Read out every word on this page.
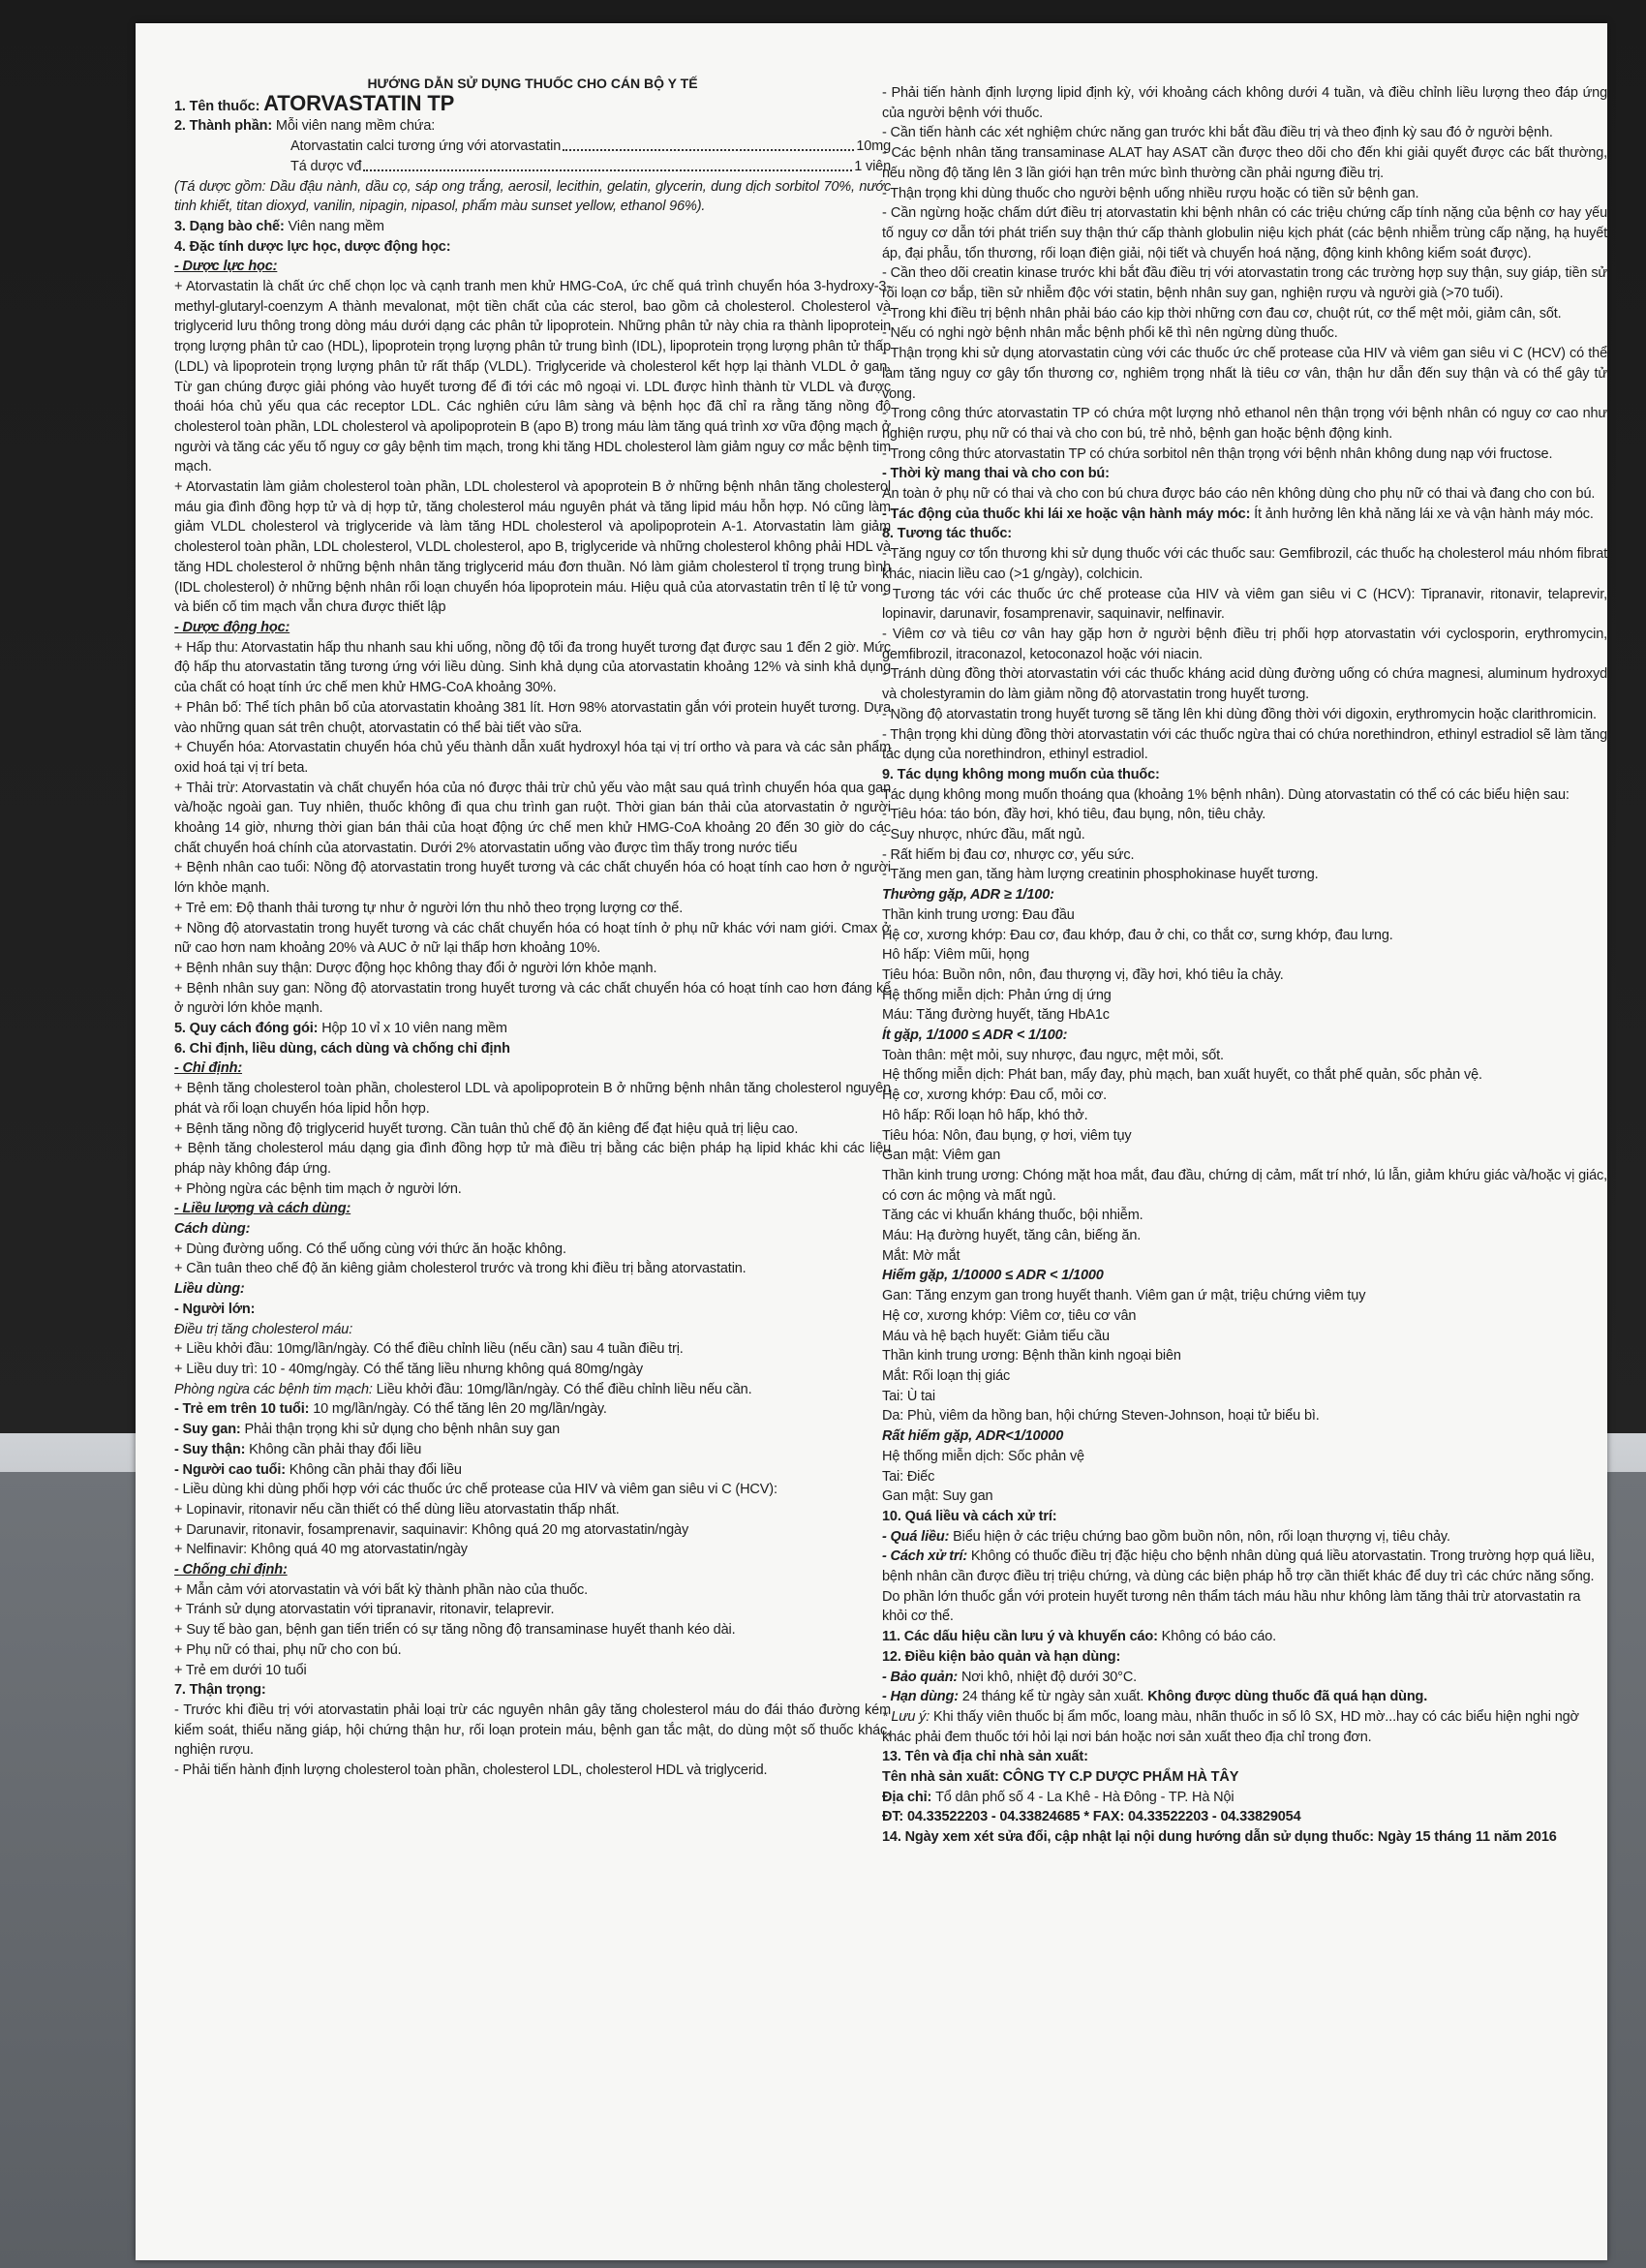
HƯỚNG DẪN SỬ DỤNG THUỐC CHO CÁN BỘ Y TẾ

1. Tên thuốc: ATORVASTATIN TP

2. Thành phần: Mỗi viên nang mềm chứa:

Atorvastatin calci tương ứng với atorvastatin	10mg

Tá dược vđ	1 viên

(Tá dược gồm: Dầu đậu nành, dầu cọ, sáp ong trắng, aerosil, lecithin, gelatin, glycerin, dung dịch sorbitol 70%, nước tinh khiết, titan dioxyd, vanilin, nipagin, nipasol, phẩm màu sunset yellow, ethanol 96%).

3. Dạng bào chế: Viên nang mềm

4. Đặc tính dược lực học, dược động học:

- Dược lực học:

+ Atorvastatin là chất ức chế chọn lọc và cạnh tranh men khử HMG-CoA, ức chế quá trình chuyển hóa 3-hydroxy-3-methyl-glutaryl-coenzym A thành mevalonat, một tiền chất của các sterol, bao gồm cả cholesterol. Cholesterol và triglycerid lưu thông trong dòng máu dưới dạng các phân tử lipoprotein. Những phân tử này chia ra thành lipoprotein trọng lượng phân tử cao (HDL), lipoprotein trọng lượng phân tử trung bình (IDL), lipoprotein trọng lượng phân tử thấp (LDL) và lipoprotein trọng lượng phân tử rất thấp (VLDL). Triglyceride và cholesterol kết hợp lại thành VLDL ở gan. Từ gan chúng được giải phóng vào huyết tương để đi tới các mô ngoại vi. LDL được hình thành từ VLDL và được thoái hóa chủ yếu qua các receptor LDL. Các nghiên cứu lâm sàng và bệnh học đã chỉ ra rằng tăng nồng độ cholesterol toàn phần, LDL cholesterol và apolipoprotein B (apo B) trong máu làm tăng quá trình xơ vữa động mạch ở người và tăng các yếu tố nguy cơ gây bệnh tim mạch, trong khi tăng HDL cholesterol làm giảm nguy cơ mắc bệnh tim mạch.

+ Atorvastatin làm giảm cholesterol toàn phần, LDL cholesterol và apoprotein B ở những bệnh nhân tăng cholesterol máu gia đình đồng hợp tử và dị hợp tử, tăng cholesterol máu nguyên phát và tăng lipid máu hỗn hợp. Nó cũng làm giảm VLDL cholesterol và triglyceride và làm tăng HDL cholesterol và apolipoprotein A-1. Atorvastatin làm giảm cholesterol toàn phần, LDL cholesterol, VLDL cholesterol, apo B, triglyceride và những cholesterol không phải HDL và tăng HDL cholesterol ở những bệnh nhân tăng triglycerid máu đơn thuần. Nó làm giảm cholesterol tỉ trọng trung bình (IDL cholesterol) ở những bệnh nhân rối loạn chuyển hóa lipoprotein máu. Hiệu quả của atorvastatin trên tỉ lệ tử vong và biến cố tim mạch vẫn chưa được thiết lập

- Dược động học:

+ Hấp thu: Atorvastatin hấp thu nhanh sau khi uống, nồng độ tối đa trong huyết tương đạt được sau 1 đến 2 giờ. Mức độ hấp thu atorvastatin tăng tương ứng với liều dùng. Sinh khả dụng của atorvastatin khoảng 12% và sinh khả dụng của chất có hoạt tính ức chế men khử HMG-CoA khoảng 30%.

+ Phân bố: Thể tích phân bố của atorvastatin khoảng 381 lít. Hơn 98% atorvastatin gắn với protein huyết tương. Dựa vào những quan sát trên chuột, atorvastatin có thể bài tiết vào sữa.

+ Chuyển hóa: Atorvastatin chuyển hóa chủ yếu thành dẫn xuất hydroxyl hóa tại vị trí ortho và para và các sản phẩm oxid hoá tại vị trí beta.

+ Thải trừ: Atorvastatin và chất chuyển hóa của nó được thải trừ chủ yếu vào mật sau quá trình chuyển hóa qua gan và/hoặc ngoài gan. Tuy nhiên, thuốc không đi qua chu trình gan ruột. Thời gian bán thải của atorvastatin ở người khoảng 14 giờ, nhưng thời gian bán thải của hoạt động ức chế men khử HMG-CoA khoảng 20 đến 30 giờ do các chất chuyển hoá chính của atorvastatin. Dưới 2% atorvastatin uống vào được tìm thấy trong nước tiểu

+ Bệnh nhân cao tuổi: Nồng độ atorvastatin trong huyết tương và các chất chuyển hóa có hoạt tính cao hơn ở người lớn khỏe mạnh.

+ Trẻ em: Độ thanh thải tương tự như ở người lớn thu nhỏ theo trọng lượng cơ thể.

+ Nồng độ atorvastatin trong huyết tương và các chất chuyển hóa có hoạt tính ở phụ nữ khác với nam giới. Cmax ở nữ cao hơn nam khoảng 20% và AUC ở nữ lại thấp hơn khoảng 10%.

+ Bệnh nhân suy thận: Dược động học không thay đổi ở người lớn khỏe mạnh.

+ Bệnh nhân suy gan: Nồng độ atorvastatin trong huyết tương và các chất chuyển hóa có hoạt tính cao hơn đáng kể ở người lớn khỏe mạnh.

5. Quy cách đóng gói: Hộp 10 vỉ x 10 viên nang mềm

6. Chỉ định, liều dùng, cách dùng và chống chỉ định

- Chỉ định:

+ Bệnh tăng cholesterol toàn phần, cholesterol LDL và apolipoprotein B ở những bệnh nhân tăng cholesterol nguyên phát và rối loạn chuyển hóa lipid hỗn hợp.

+ Bệnh tăng nồng độ triglycerid huyết tương. Cần tuân thủ chế độ ăn kiêng để đạt hiệu quả trị liệu cao.

+ Bệnh tăng cholesterol máu dạng gia đình đồng hợp tử mà điều trị bằng các biện pháp hạ lipid khác khi các liệu pháp này không đáp ứng.

+ Phòng ngừa các bệnh tim mạch ở người lớn.

- Liều lượng và cách dùng:

Cách dùng:

+ Dùng đường uống. Có thể uống cùng với thức ăn hoặc không.

+ Cần tuân theo chế độ ăn kiêng giảm cholesterol trước và trong khi điều trị bằng atorvastatin.

Liều dùng:

- Người lớn:

Điều trị tăng cholesterol máu:

+ Liều khởi đầu: 10mg/lần/ngày. Có thể điều chỉnh liều (nếu cần) sau 4 tuần điều trị.

+ Liều duy trì: 10 - 40mg/ngày. Có thể tăng liều nhưng không quá 80mg/ngày

Phòng ngừa các bệnh tim mạch: Liều khởi đầu: 10mg/lần/ngày. Có thể điều chỉnh liều nếu cần.

- Trẻ em trên 10 tuổi: 10 mg/lần/ngày. Có thể tăng lên 20 mg/lần/ngày.

- Suy gan: Phải thận trọng khi sử dụng cho bệnh nhân suy gan

- Suy thận: Không cần phải thay đổi liều

- Người cao tuổi: Không cần phải thay đổi liều

- Liều dùng khi dùng phối hợp với các thuốc ức chế protease của HIV và viêm gan siêu vi C (HCV):

+ Lopinavir, ritonavir nếu cần thiết có thể dùng liều atorvastatin thấp nhất.

+ Darunavir, ritonavir, fosamprenavir, saquinavir: Không quá 20 mg atorvastatin/ngày

+ Nelfinavir: Không quá 40 mg atorvastatin/ngày

- Chống chỉ định:

+ Mẫn cảm với atorvastatin và với bất kỳ thành phần nào của thuốc.

+ Tránh sử dụng atorvastatin với tipranavir, ritonavir, telaprevir.

+ Suy tế bào gan, bệnh gan tiến triển có sự tăng nồng độ transaminase huyết thanh kéo dài.

+ Phụ nữ có thai, phụ nữ cho con bú.

+ Trẻ em dưới 10 tuổi

7. Thận trọng:

- Trước khi điều trị với atorvastatin phải loại trừ các nguyên nhân gây tăng cholesterol máu do đái tháo đường kém kiểm soát, thiểu năng giáp, hội chứng thận hư, rối loạn protein máu, bệnh gan tắc mật, do dùng một số thuốc khác, nghiện rượu.

- Phải tiến hành định lượng cholesterol toàn phần, cholesterol LDL, cholesterol HDL và triglycerid.

- Phải tiến hành định lượng lipid định kỳ, với khoảng cách không dưới 4 tuần, và điều chỉnh liều lượng theo đáp ứng của người bệnh với thuốc.

- Cần tiến hành các xét nghiệm chức năng gan trước khi bắt đầu điều trị và theo định kỳ sau đó ở người bệnh.

- Các bệnh nhân tăng transaminase ALAT hay ASAT cần được theo dõi cho đến khi giải quyết được các bất thường, nếu nồng độ tăng lên 3 lần giới hạn trên mức bình thường cần phải ngưng điều trị.

- Thận trọng khi dùng thuốc cho người bệnh uống nhiều rượu hoặc có tiền sử bệnh gan.

- Cần ngừng hoặc chấm dứt điều trị atorvastatin khi bệnh nhân có các triệu chứng cấp tính nặng của bệnh cơ hay yếu tố nguy cơ dẫn tới phát triển suy thận thứ cấp thành globulin niệu kịch phát (các bệnh nhiễm trùng cấp nặng, hạ huyết áp, đại phẫu, tổn thương, rối loạn điện giải, nội tiết và chuyển hoá nặng, động kinh không kiểm soát được).

- Cần theo dõi creatin kinase trước khi bắt đầu điều trị với atorvastatin trong các trường hợp suy thận, suy giáp, tiền sử rối loạn cơ bắp, tiền sử nhiễm độc với statin, bệnh nhân suy gan, nghiện rượu và người già (>70 tuổi).

- Trong khi điều trị bệnh nhân phải báo cáo kịp thời những cơn đau cơ, chuột rút, cơ thể mệt mỏi, giảm cân, sốt.

- Nếu có nghi ngờ bệnh nhân mắc bệnh phổi kẽ thì nên ngừng dùng thuốc.

- Thận trọng khi sử dụng atorvastatin cùng với các thuốc ức chế protease của HIV và viêm gan siêu vi C (HCV) có thể làm tăng nguy cơ gây tổn thương cơ, nghiêm trọng nhất là tiêu cơ vân, thận hư dẫn đến suy thận và có thể gây tử vong.

- Trong công thức atorvastatin TP có chứa một lượng nhỏ ethanol nên thận trọng với bệnh nhân có nguy cơ cao như nghiện rượu, phụ nữ có thai và cho con bú, trẻ nhỏ, bệnh gan hoặc bệnh động kinh.

- Trong công thức atorvastatin TP có chứa sorbitol nên thận trọng với bệnh nhân không dung nạp với fructose.

- Thời kỳ mang thai và cho con bú:

An toàn ở phụ nữ có thai và cho con bú chưa được báo cáo nên không dùng cho phụ nữ có thai và đang cho con bú.

- Tác động của thuốc khi lái xe hoặc vận hành máy móc: Ít ảnh hưởng lên khả năng lái xe và vận hành máy móc.

8. Tương tác thuốc:

- Tăng nguy cơ tổn thương khi sử dụng thuốc với các thuốc sau: Gemfibrozil, các thuốc hạ cholesterol máu nhóm fibrat khác, niacin liều cao (>1 g/ngày), colchicin.

- Tương tác với các thuốc ức chế protease của HIV và viêm gan siêu vi C (HCV): Tipranavir, ritonavir, telaprevir, lopinavir, darunavir, fosamprenavir, saquinavir, nelfinavir.

- Viêm cơ và tiêu cơ vân hay gặp hơn ở người bệnh điều trị phối hợp atorvastatin với cyclosporin, erythromycin, gemfibrozil, itraconazol, ketoconazol hoặc với niacin.

- Tránh dùng đồng thời atorvastatin với các thuốc kháng acid dùng đường uống có chứa magnesi, aluminum hydroxyd và cholestyramin do làm giảm nồng độ atorvastatin trong huyết tương.

- Nồng độ atorvastatin trong huyết tương sẽ tăng lên khi dùng đồng thời với digoxin, erythromycin hoặc clarithromicin.

- Thận trọng khi dùng đồng thời atorvastatin với các thuốc ngừa thai có chứa norethindron, ethinyl estradiol sẽ làm tăng tác dụng của norethindron, ethinyl estradiol.

9. Tác dụng không mong muốn của thuốc:

Tác dụng không mong muốn thoáng qua (khoảng 1% bệnh nhân). Dùng atorvastatin có thể có các biểu hiện sau:

- Tiêu hóa: táo bón, đầy hơi, khó tiêu, đau bụng, nôn, tiêu chảy.

- Suy nhược, nhức đầu, mất ngủ.

- Rất hiếm bị đau cơ, nhược cơ, yếu sức.

- Tăng men gan, tăng hàm lượng creatinin phosphokinase huyết tương.

Thường gặp, ADR ≥ 1/100:

Thần kinh trung ương: Đau đầu

Hệ cơ, xương khớp: Đau cơ, đau khớp, đau ở chi, co thắt cơ, sưng khớp, đau lưng.

Hô hấp: Viêm mũi, họng

Tiêu hóa: Buồn nôn, nôn, đau thượng vị, đầy hơi, khó tiêu ỉa chảy.

Hệ thống miễn dịch: Phản ứng dị ứng

Máu: Tăng đường huyết, tăng HbA1c

Ít gặp, 1/1000 ≤ ADR < 1/100:

Toàn thân: mệt mỏi, suy nhược, đau ngực, mệt mỏi, sốt.

Hệ thống miễn dịch: Phát ban, mẩy đay, phù mạch, ban xuất huyết, co thắt phế quản, sốc phản vệ.

Hệ cơ, xương khớp: Đau cổ, mỏi cơ.

Hô hấp: Rối loạn hô hấp, khó thở.

Tiêu hóa: Nôn, đau bụng, ợ hơi, viêm tụy

Gan mật: Viêm gan

Thần kinh trung ương: Chóng mặt hoa mắt, đau đầu, chứng dị cảm, mất trí nhớ, lú lẫn, giảm khứu giác và/hoặc vị giác, có cơn ác mộng và mất ngủ.

Tăng các vi khuẩn kháng thuốc, bội nhiễm.

Máu: Hạ đường huyết, tăng cân, biếng ăn.

Mắt: Mờ mắt

Hiếm gặp, 1/10000 ≤ ADR < 1/1000

Gan: Tăng enzym gan trong huyết thanh. Viêm gan ứ mật, triệu chứng viêm tụy

Hệ cơ, xương khớp: Viêm cơ, tiêu cơ vân

Máu và hệ bạch huyết: Giảm tiểu cầu

Thần kinh trung ương: Bệnh thần kinh ngoại biên

Mắt: Rối loạn thị giác

Tai: Ù tai

Da: Phù, viêm da hồng ban, hội chứng Steven-Johnson, hoại tử biểu bì.

Rất hiếm gặp, ADR<1/10000

Hệ thống miễn dịch: Sốc phản vệ

Tai: Điếc

Gan mật: Suy gan

10. Quá liều và cách xử trí:

- Quá liều: Biểu hiện ở các triệu chứng bao gồm buồn nôn, nôn, rối loạn thượng vị, tiêu chảy.

- Cách xử trí: Không có thuốc điều trị đặc hiệu cho bệnh nhân dùng quá liều atorvastatin. Trong trường hợp quá liều, bệnh nhân cần được điều trị triệu chứng, và dùng các biện pháp hỗ trợ cần thiết khác để duy trì các chức năng sống. Do phần lớn thuốc gắn với protein huyết tương nên thẩm tách máu hầu như không làm tăng thải trừ atorvastatin ra khỏi cơ thể.

11. Các dấu hiệu cần lưu ý và khuyến cáo: Không có báo cáo.

12. Điều kiện bảo quản và hạn dùng:

- Bảo quản: Nơi khô, nhiệt độ dưới 30°C.

- Hạn dùng: 24 tháng kể từ ngày sản xuất. Không được dùng thuốc đã quá hạn dùng.

* Lưu ý: Khi thấy viên thuốc bị ẩm mốc, loang màu, nhãn thuốc in số lô SX, HD mờ...hay có các biểu hiện nghi ngờ khác phải đem thuốc tới hỏi lại nơi bán hoặc nơi sản xuất theo địa chỉ trong đơn.

13. Tên và địa chỉ nhà sản xuất:

Tên nhà sản xuất: CÔNG TY C.P DƯỢC PHẨM HÀ TÂY

Địa chỉ: Tổ dân phố số 4 - La Khê - Hà Đông - TP. Hà Nội

ĐT: 04.33522203 - 04.33824685 * FAX: 04.33522203 - 04.33829054

14. Ngày xem xét sửa đổi, cập nhật lại nội dung hướng dẫn sử dụng thuốc: Ngày 15 tháng 11 năm 2016
